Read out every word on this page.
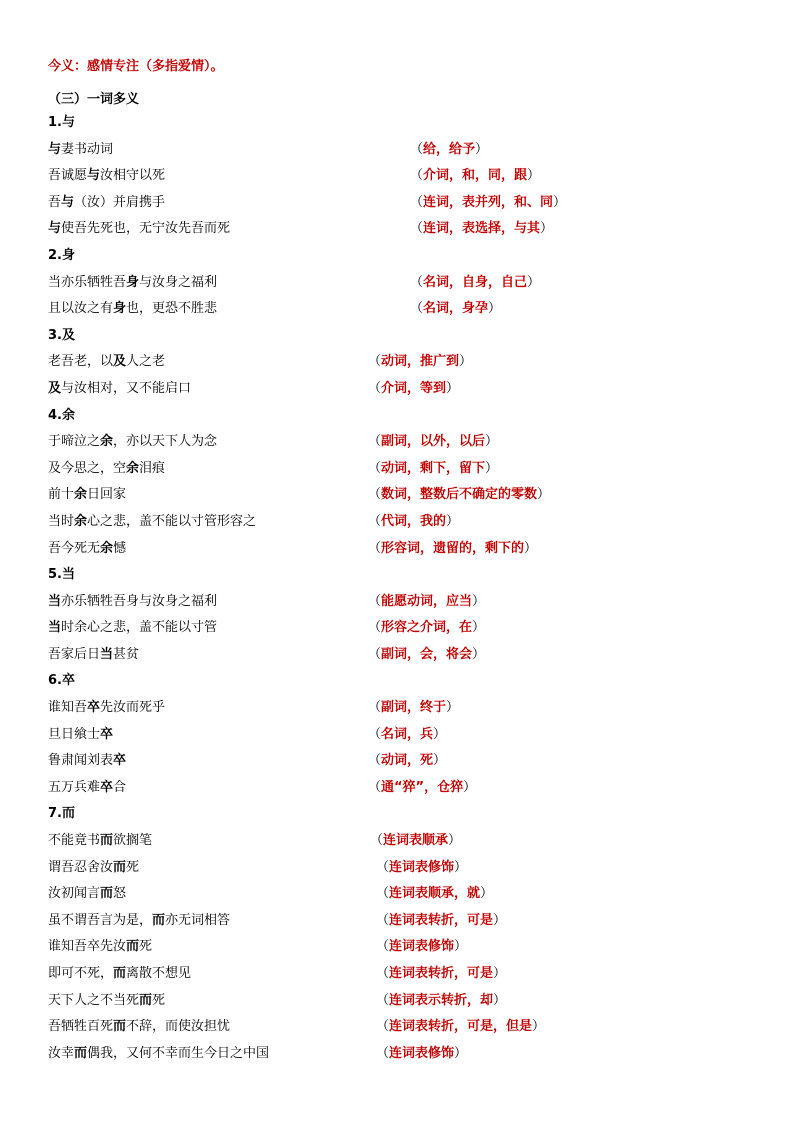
今义：感情专注（多指爱情）。
（三）一词多义
1.与
与妻书动词	（给，给予）
吾诚愿与汝相守以死	（介词，和，同，跟）
吾与（汝）并肩携手	（连词，表并列，和、同）
与使吾先死也，无宁汝先吾而死	（连词，表选择，与其）
2.身
当亦乐牺牲吾身与汝身之福利	（名词，自身，自己）
且以汝之有身也，更恐不胜悲	（名词，身孕）
3.及
老吾老，以及人之老	（动词，推广到）
及与汝相对，又不能启口	（介词，等到）
4.余
于啼泣之余，亦以天下人为念	（副词，以外，以后）
及今思之，空余泪痕	（动词，剩下，留下）
前十余日回家	（数词，整数后不确定的零数）
当时余心之悲，盖不能以寸管形容之	（代词，我的）
吾今死无余憾	（形容词，遗留的，剩下的）
5.当
当亦乐牺牲吾身与汝身之福利	（能愿动词，应当）
当时余心之悲，盖不能以寸管	（形容之介词，在）
吾家后日当甚贫	（副词，会，将会）
6.卒
谁知吾卒先汝而死乎	（副词，终于）
旦日飨士卒	（名词，兵）
鲁肃闻刘表卒	（动词，死）
五万兵难卒合	（通“猝”，仓猝）
7.而
不能竟书而欲搁笔	（连词表顺承）
谓吾忍舍汝而死	（连词表修饰）
汝初闻言而怒	（连词表顺承，就）
虽不谓吾言为是，而亦无词相答	（连词表转折，可是）
谁知吾卒先汝而死	（连词表修饰）
即可不死，而离散不想见	（连词表转折，可是）
天下人之不当死而死	（连词表示转折，却）
吾牺牲百死而不辞，而使汝担忧	（连词表转折，可是，但是）
汝幸而偶我，又何不幸而生今日之中国	（连词表修饰）
